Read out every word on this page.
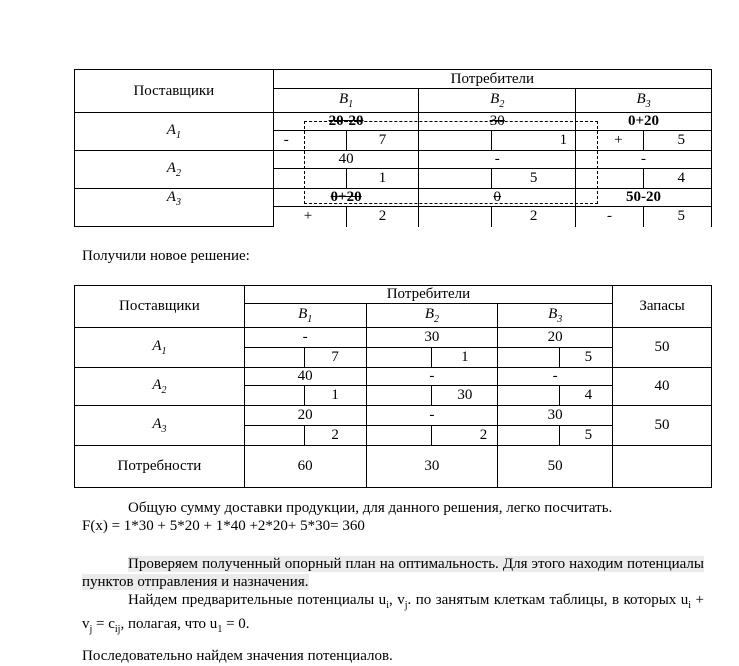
Поставщики	Потребители					
	$B_1$		$B_2$		$B_3$
$A_1$	20-20		30		0+20	
	-	7		1	+	5
$A_2$	40		-		-	
		1		5		4
$A_3$	0+20		0		50-20	
	+	2		2	-	5
Получили новое решение:
Поставщики	Потребители						Запасы
	$B_1$		$B_2$		$B_3$
$A_1$	-		30		20		50
		7		1		5	
$A_2$	40		-		-		40
		1		30		4	
$A_3$	20		-		30		50
		2		2		5	
Потребности	60		30		50		
Общую сумму доставки продукции, для данного решения, легко посчитать.
F(x) = 1*30 + 5*20 + 1*40 +2*20+ 5*30= 360
Проверяем полученный опорный план на оптимальность. Для этого находим потенциалы пунктов отправления и назначения.
Найдем предварительные потенциалы $u_i$, $v_j$. по занятым клеткам таблицы, в которых $u_i + v_j = c_{ij}$, полагая, что $u_1 = 0$.
Последовательно найдем значения потенциалов.
